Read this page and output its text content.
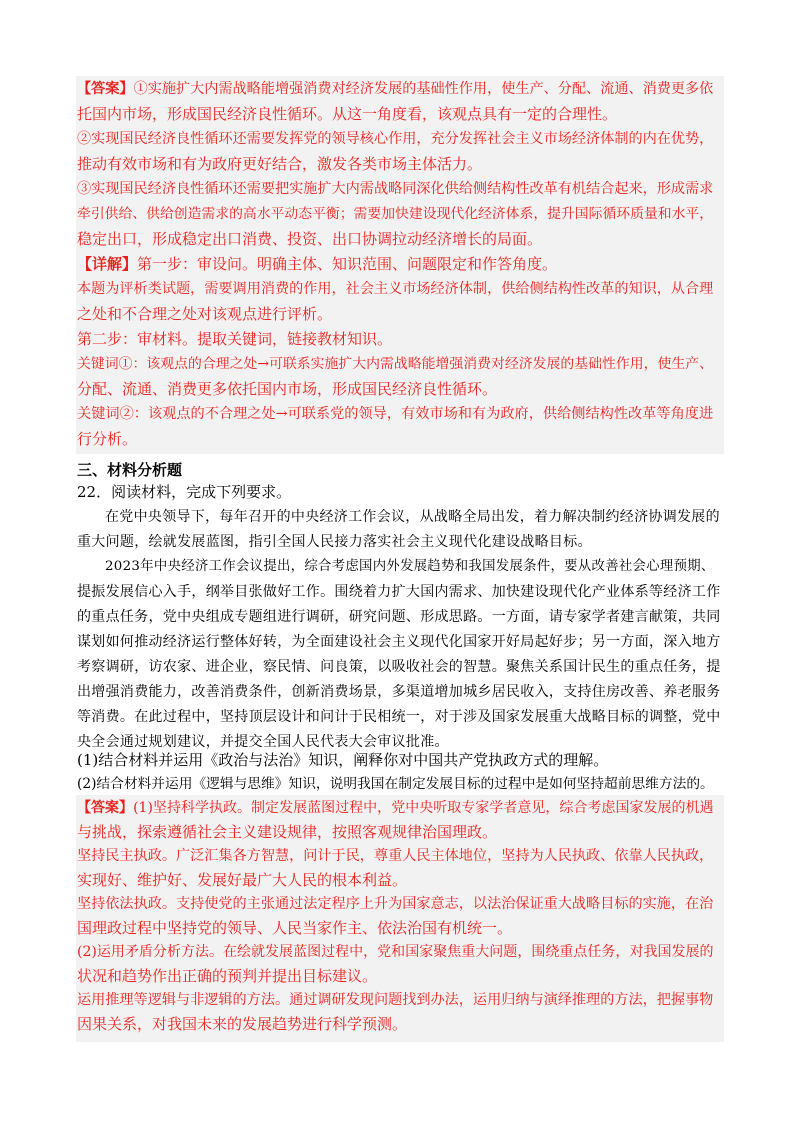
【答案】①实施扩大内需战略能增强消费对经济发展的基础性作用，使生产、分配、流通、消费更多依
托国内市场，形成国民经济良性循环。从这一角度看，该观点具有一定的合理性。
②实现国民经济良性循环还需要发挥党的领导核心作用，充分发挥社会主义市场经济体制的内在优势，
推动有效市场和有为政府更好结合，激发各类市场主体活力。
③实现国民经济良性循环还需要把实施扩大内需战略同深化供给侧结构性改革有机结合起来，形成需求
牵引供给、供给创造需求的高水平动态平衡；需要加快建设现代化经济体系，提升国际循环质量和水平，
稳定出口，形成稳定出口消费、投资、出口协调拉动经济增长的局面。
【详解】第一步：审设问。明确主体、知识范围、问题限定和作答角度。
本题为评析类试题，需要调用消费的作用，社会主义市场经济体制，供给侧结构性改革的知识，从合理
之处和不合理之处对该观点进行评析。
第二步：审材料。提取关键词，链接教材知识。
关键词①：该观点的合理之处→可联系实施扩大内需战略能增强消费对经济发展的基础性作用，使生产、
分配、流通、消费更多依托国内市场，形成国民经济良性循环。
关键词②：该观点的不合理之处→可联系党的领导，有效市场和有为政府，供给侧结构性改革等角度进
行分析。
三、材料分析题
22．阅读材料，完成下列要求。
在党中央领导下，每年召开的中央经济工作会议，从战略全局出发，着力解决制约经济协调发展的
重大问题，绘就发展蓝图，指引全国人民接力落实社会主义现代化建设战略目标。
2023年中央经济工作会议提出，综合考虑国内外发展趋势和我国发展条件，要从改善社会心理预期、
提振发展信心入手，纲举目张做好工作。围绕着力扩大国内需求、加快建设现代化产业体系等经济工作
的重点任务，党中央组成专题组进行调研，研究问题、形成思路。一方面，请专家学者建言献策，共同
谋划如何推动经济运行整体好转，为全面建设社会主义现代化国家开好局起好步；另一方面，深入地方
考察调研，访农家、进企业，察民情、问良策，以吸收社会的智慧。聚焦关系国计民生的重点任务，提
出增强消费能力，改善消费条件，创新消费场景，多渠道增加城乡居民收入，支持住房改善、养老服务
等消费。在此过程中，坚持顶层设计和问计于民相统一，对于涉及国家发展重大战略目标的调整，党中
央全会通过规划建议，并提交全国人民代表大会审议批准。
(1)结合材料并运用《政治与法治》知识，阐释你对中国共产党执政方式的理解。
(2)结合材料并运用《逻辑与思维》知识，说明我国在制定发展目标的过程中是如何坚持超前思维方法的。
【答案】(1)坚持科学执政。制定发展蓝图过程中，党中央听取专家学者意见，综合考虑国家发展的机遇
与挑战，探索遵循社会主义建设规律，按照客观规律治国理政。
坚持民主执政。广泛汇集各方智慧，问计于民，尊重人民主体地位，坚持为人民执政、依靠人民执政，
实现好、维护好、发展好最广大人民的根本利益。
坚持依法执政。支持使党的主张通过法定程序上升为国家意志，以法治保证重大战略目标的实施，在治
国理政过程中坚持党的领导、人民当家作主、依法治国有机统一。
(2)运用矛盾分析方法。在绘就发展蓝图过程中，党和国家聚焦重大问题，围绕重点任务，对我国发展的
状况和趋势作出正确的预判并提出目标建议。
运用推理等逻辑与非逻辑的方法。通过调研发现问题找到办法，运用归纳与演绎推理的方法，把握事物
因果关系，对我国未来的发展趋势进行科学预测。
